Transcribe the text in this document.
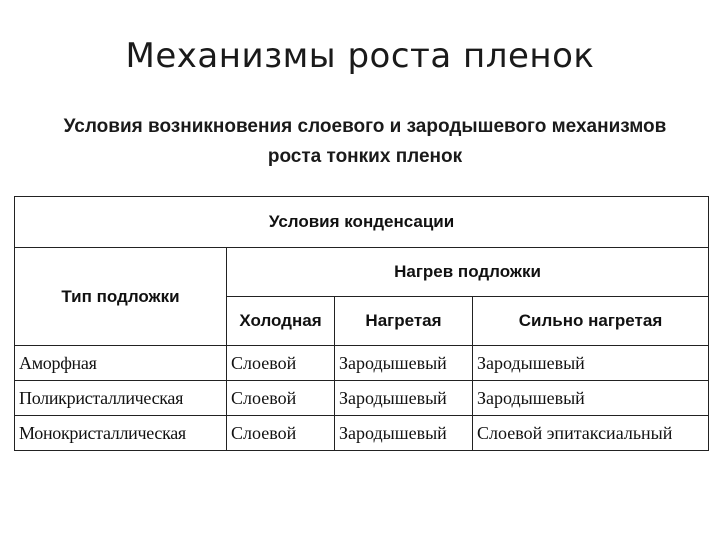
Механизмы роста пленок
Условия возникновения слоевого и зародышевого механизмов
роста тонких пленок
Условия конденсации			
Тип подложки	Нагрев подложки		
	Холодная	Нагретая	Сильно нагретая
Аморфная	Слоевой	Зародышевый	Зародышевый
Поликристаллическая	Слоевой	Зародышевый	Зародышевый
Монокристаллическая	Слоевой	Зародышевый	Слоевой эпитаксиальный
